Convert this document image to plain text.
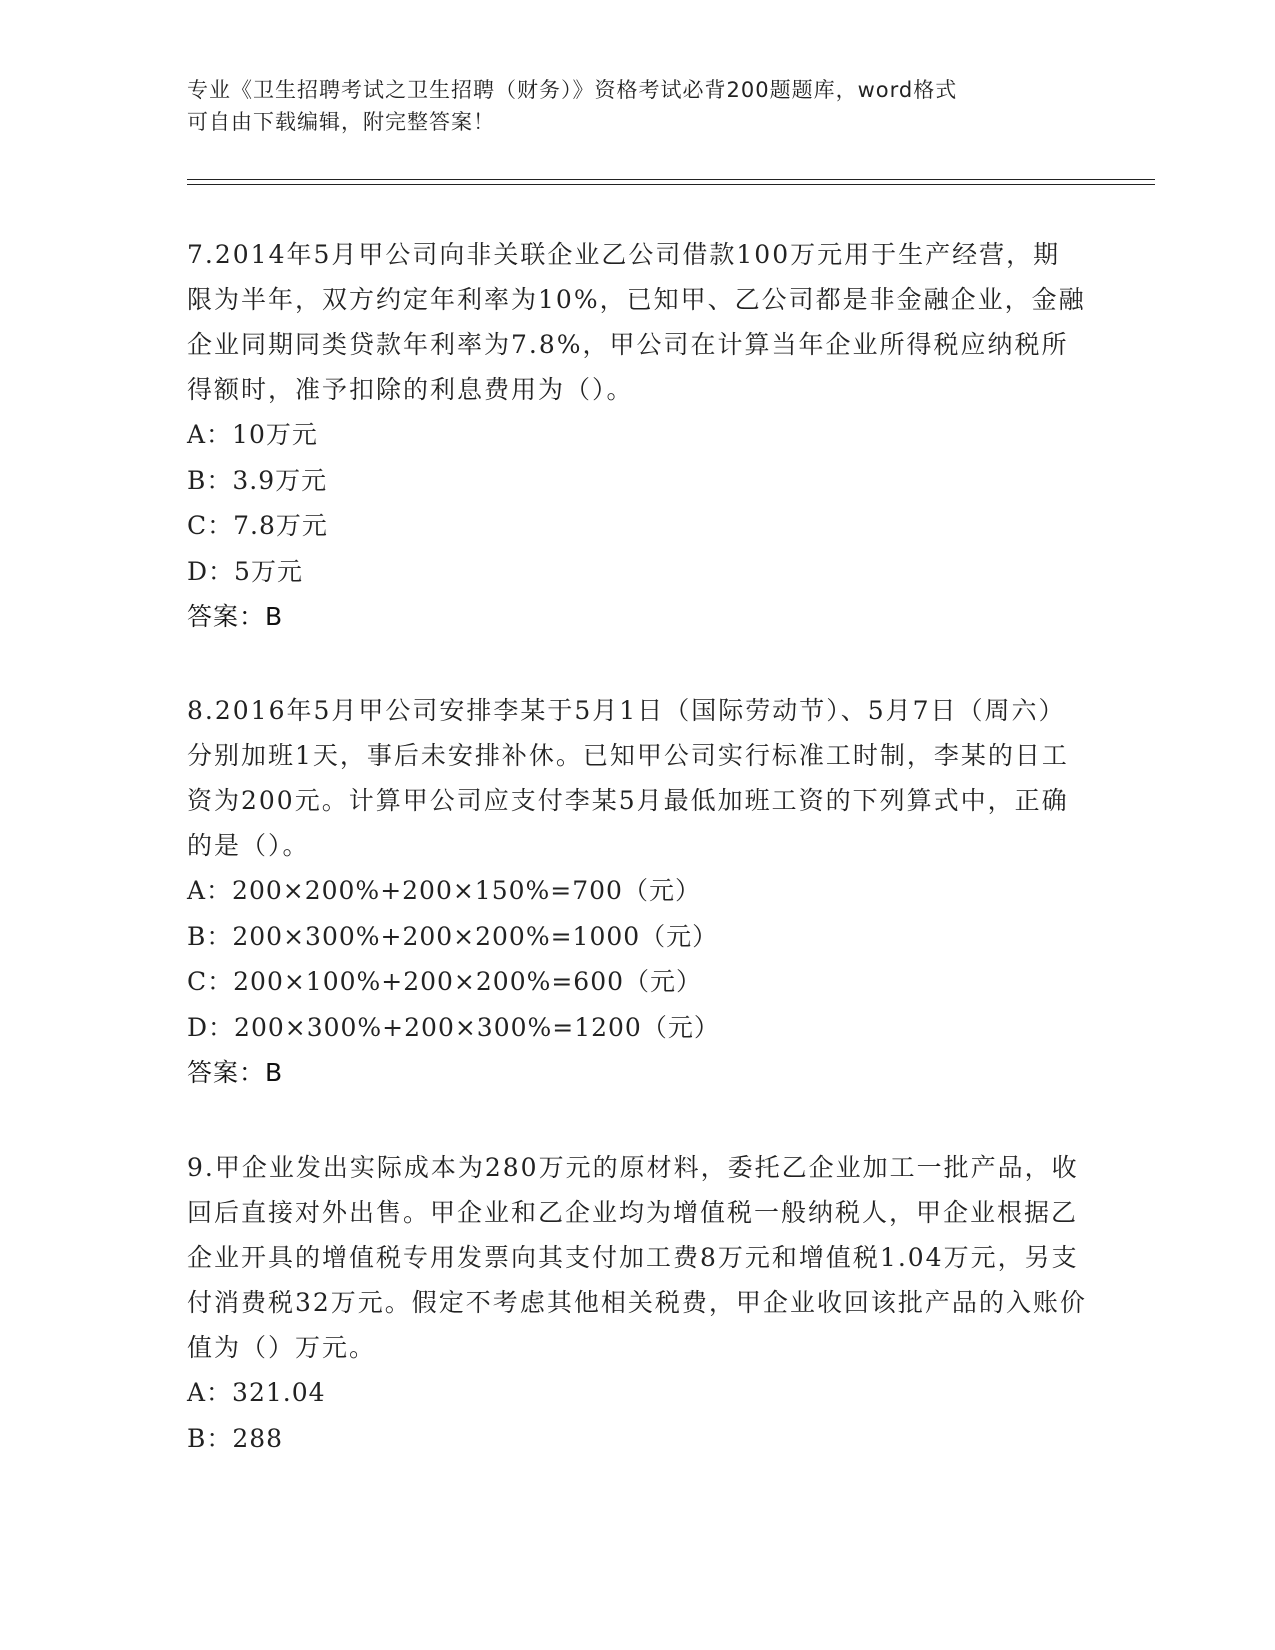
专业《卫生招聘考试之卫生招聘（财务）》资格考试必背200题题库，word格式
可自由下载编辑，附完整答案！

7.2014年5月甲公司向非关联企业乙公司借款100万元用于生产经营，期限为半年，双方约定年利率为10%，已知甲、乙公司都是非金融企业，金融企业同期同类贷款年利率为7.8%，甲公司在计算当年企业所得税应纳税所得额时，准予扣除的利息费用为（）。

A：10万元

B：3.9万元

C：7.8万元

D：5万元

答案：B

8.2016年5月甲公司安排李某于5月1日（国际劳动节）、5月7日（周六）分别加班1天，事后未安排补休。已知甲公司实行标准工时制，李某的日工资为200元。计算甲公司应支付李某5月最低加班工资的下列算式中，正确的是（）。

A：200×200%+200×150%=700（元）

B：200×300%+200×200%=1000（元）

C：200×100%+200×200%=600（元）

D：200×300%+200×300%=1200（元）

答案：B

9.甲企业发出实际成本为280万元的原材料，委托乙企业加工一批产品，收回后直接对外出售。甲企业和乙企业均为增值税一般纳税人，甲企业根据乙企业开具的增值税专用发票向其支付加工费8万元和增值税1.04万元，另支付消费税32万元。假定不考虑其他相关税费，甲企业收回该批产品的入账价值为（）万元。

A：321.04

B：288
